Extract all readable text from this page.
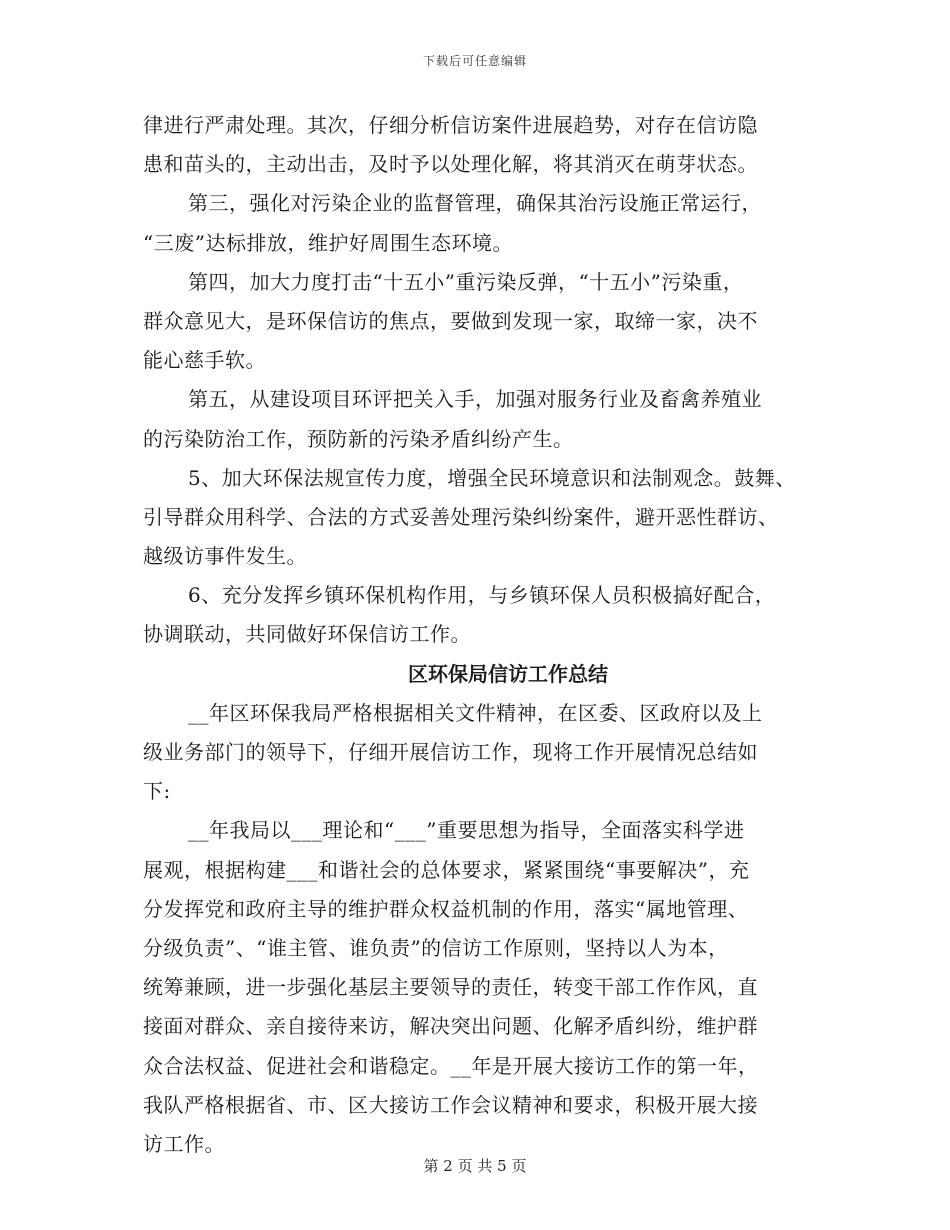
下载后可任意编辑
律进行严肃处理。其次，仔细分析信访案件进展趋势，对存在信访隐
患和苗头的，主动出击，及时予以处理化解，将其消灭在萌芽状态。
第三，强化对污染企业的监督管理，确保其治污设施正常运行，
“三废”达标排放，维护好周围生态环境。
第四，加大力度打击“十五小”重污染反弹，“十五小”污染重，
群众意见大，是环保信访的焦点，要做到发现一家，取缔一家，决不
能心慈手软。
第五，从建设项目环评把关入手，加强对服务行业及畜禽养殖业
的污染防治工作，预防新的污染矛盾纠纷产生。
5、加大环保法规宣传力度，增强全民环境意识和法制观念。鼓舞、
引导群众用科学、合法的方式妥善处理污染纠纷案件，避开恶性群访、
越级访事件发生。
6、充分发挥乡镇环保机构作用，与乡镇环保人员积极搞好配合，
协调联动，共同做好环保信访工作。
区环保局信访工作总结
__年区环保我局严格根据相关文件精神，在区委、区政府以及上
级业务部门的领导下，仔细开展信访工作，现将工作开展情况总结如
下:
__年我局以___理论和“___”重要思想为指导，全面落实科学进
展观，根据构建___和谐社会的总体要求，紧紧围绕“事要解决”，充
分发挥党和政府主导的维护群众权益机制的作用，落实“属地管理、
分级负责”、“谁主管、谁负责”的信访工作原则，坚持以人为本，
统筹兼顾，进一步强化基层主要领导的责任，转变干部工作作风，直
接面对群众、亲自接待来访，解决突出问题、化解矛盾纠纷，维护群
众合法权益、促进社会和谐稳定。__年是开展大接访工作的第一年，
我队严格根据省、市、区大接访工作会议精神和要求，积极开展大接
访工作。
第 2 页 共 5 页
